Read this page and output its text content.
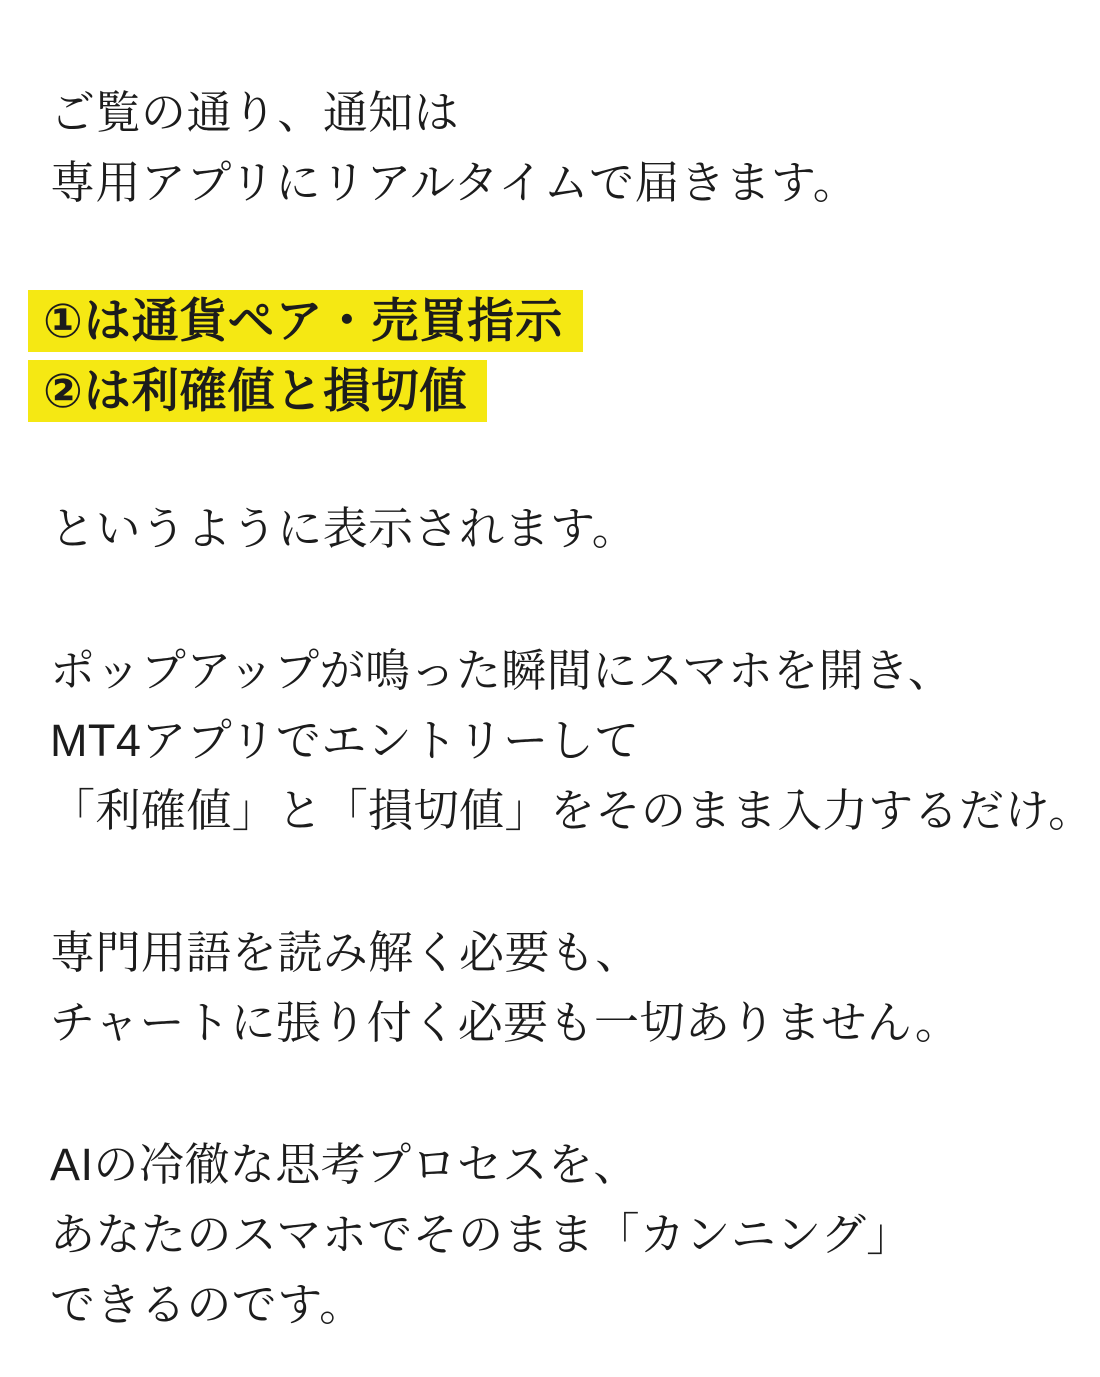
ご覧の通り、通知は
専用アプリにリアルタイムで届きます。
①は通貨ペア・売買指示
②は利確値と損切値
というように表示されます。
ポップアップが鳴った瞬間にスマホを開き、
MT4アプリでエントリーして
「利確値」と「損切値」をそのまま入力するだけ。
専門用語を読み解く必要も、
チャートに張り付く必要も一切ありません。
AIの冷徹な思考プロセスを、
あなたのスマホでそのまま「カンニング」
できるのです。
